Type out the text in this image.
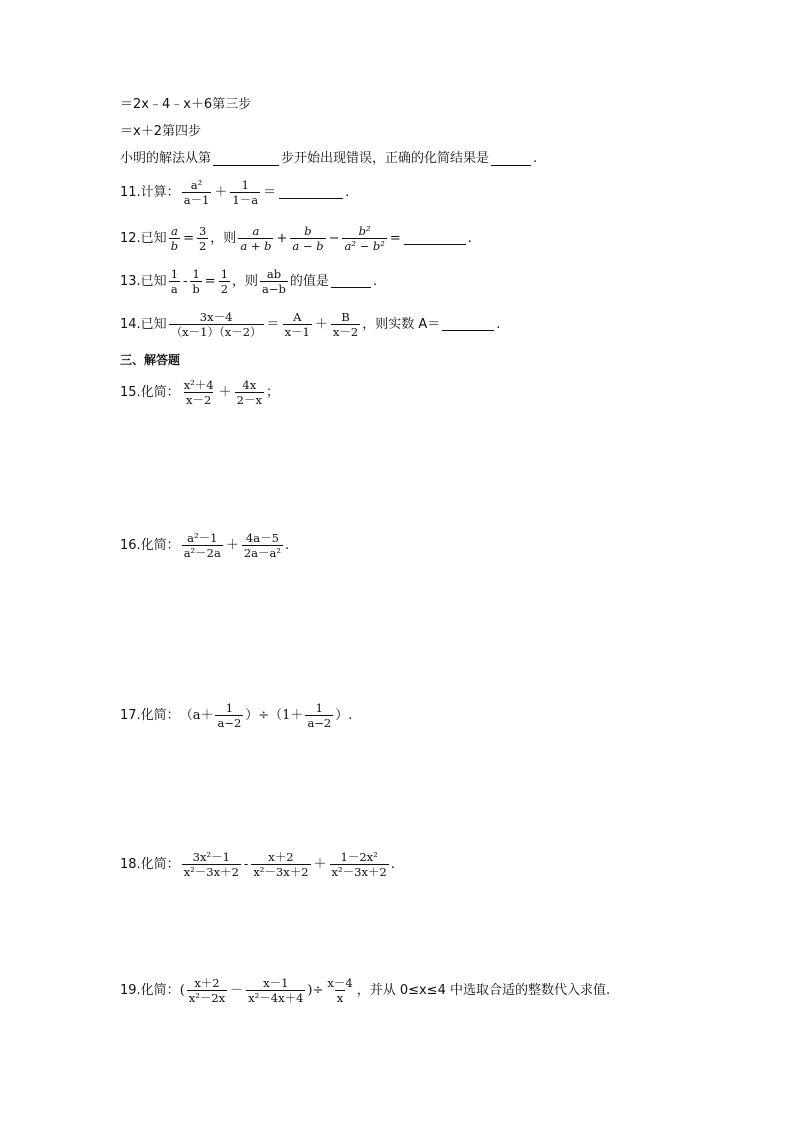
＝2x﹣4﹣x＋6第三步
＝x＋2第四步
小明的解法从第	步开始出现错误，正确的化简结果是	.
11.计算： $\frac{\text{a²}}{a-1} + \frac{1}{1-a}$ ＝	.
12.已知 $\frac{a}{b} = \frac{3}{2}$ ，则 $\frac{a}{a + b} + \frac{b}{a - b} - \frac{\text{b²}}{\text{a² − b²}}$ =	.
13.已知 $\frac{1}{a} - \frac{1}{b} = \frac{1}{2}$ ，则 $\frac{ab}{a-b}$ 的值是	.
14.已知 $\frac{3x-4}{(x-1)(x-2)} = \frac{A}{x-1} + \frac{B}{x-2}$ ，则实数 A＝	.
三、解答题
15.化简： $\frac{\text{x²＋4}}{x-2} + \frac{4x}{2-x}$ ；
16.化简： $\frac{\text{a²－1}}{\text{a²－2a}} + \frac{4a-5}{\text{2a－a²}}$ .
17.化简： $(a+ \frac{1}{a-2} )\div(1+ \frac{1}{a-2}$ ）.
18.化简： $\frac{\text{3x²－1}}{\text{x²－3x＋2}} - \frac{x+2}{\text{x²－3x＋2}} + \frac{\text{1－2x²}}{\text{x²－3x＋2}}$ .
19.化简： ( $\frac{x+2}{\text{x²－2x}} - \frac{x-1}{\text{x²－4x＋4}}$ )÷ $\frac{x-4}{x}$ ，并从 0≤x≤4 中选取合适的整数代入求值.
